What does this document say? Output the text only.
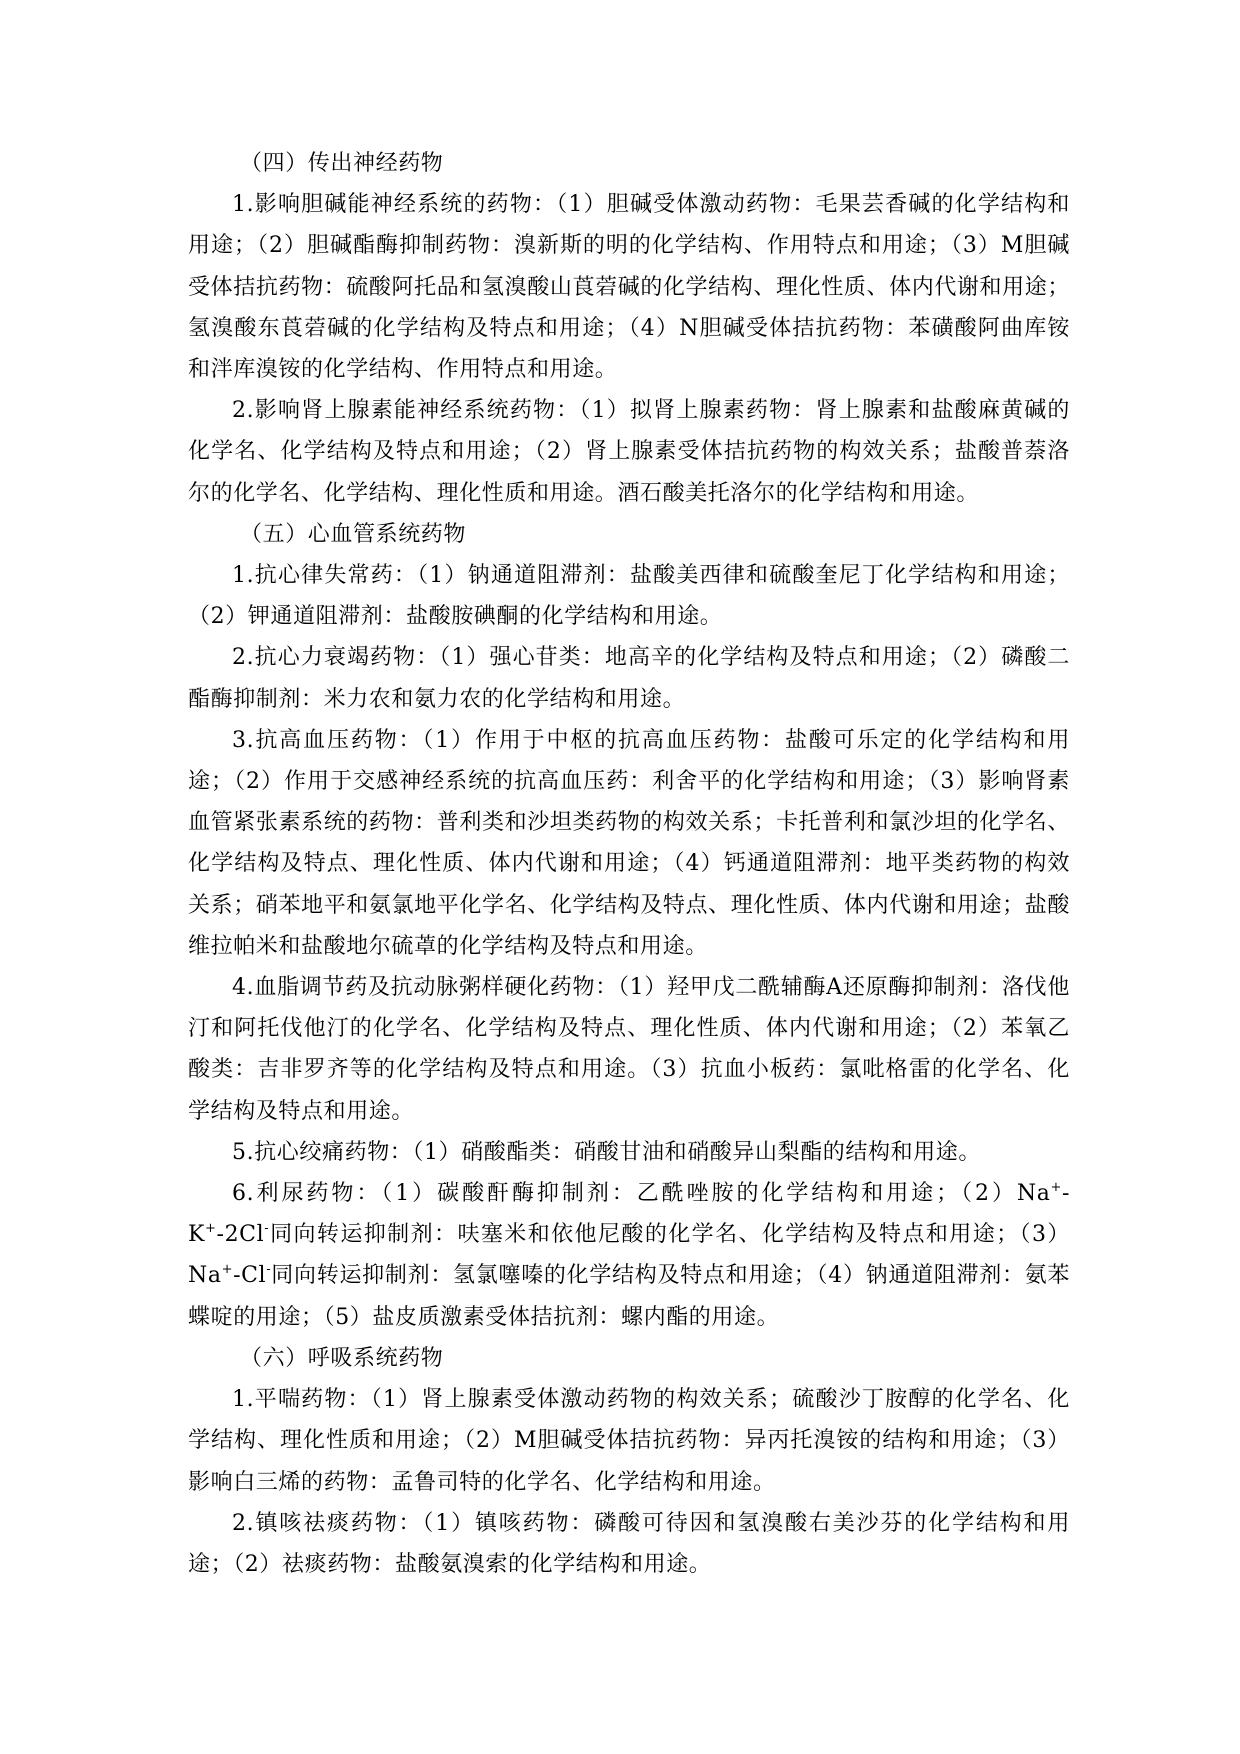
（四）传出神经药物

1.影响胆碱能神经系统的药物：（1）胆碱受体激动药物：毛果芸香碱的化学结构和用途；（2）胆碱酯酶抑制药物：溴新斯的明的化学结构、作用特点和用途；（3）M胆碱受体拮抗药物：硫酸阿托品和氢溴酸山莨菪碱的化学结构、理化性质、体内代谢和用途；氢溴酸东莨菪碱的化学结构及特点和用途；（4）N胆碱受体拮抗药物：苯磺酸阿曲库铵和泮库溴铵的化学结构、作用特点和用途。

2.影响肾上腺素能神经系统药物：（1）拟肾上腺素药物：肾上腺素和盐酸麻黄碱的化学名、化学结构及特点和用途；（2）肾上腺素受体拮抗药物的构效关系；盐酸普萘洛尔的化学名、化学结构、理化性质和用途。酒石酸美托洛尔的化学结构和用途。

（五）心血管系统药物

1.抗心律失常药：（1）钠通道阻滞剂：盐酸美西律和硫酸奎尼丁化学结构和用途；（2）钾通道阻滞剂：盐酸胺碘酮的化学结构和用途。

2.抗心力衰竭药物：（1）强心苷类：地高辛的化学结构及特点和用途；（2）磷酸二酯酶抑制剂：米力农和氨力农的化学结构和用途。

3.抗高血压药物：（1）作用于中枢的抗高血压药物：盐酸可乐定的化学结构和用途；（2）作用于交感神经系统的抗高血压药：利舍平的化学结构和用途；（3）影响肾素血管紧张素系统的药物：普利类和沙坦类药物的构效关系；卡托普利和氯沙坦的化学名、化学结构及特点、理化性质、体内代谢和用途；（4）钙通道阻滞剂：地平类药物的构效关系；硝苯地平和氨氯地平化学名、化学结构及特点、理化性质、体内代谢和用途；盐酸维拉帕米和盐酸地尔硫䓬的化学结构及特点和用途。

4.血脂调节药及抗动脉粥样硬化药物：（1）羟甲戊二酰辅酶A还原酶抑制剂：洛伐他汀和阿托伐他汀的化学名、化学结构及特点、理化性质、体内代谢和用途；（2）苯氧乙酸类：吉非罗齐等的化学结构及特点和用途。（3）抗血小板药：氯吡格雷的化学名、化学结构及特点和用途。

5.抗心绞痛药物：（1）硝酸酯类：硝酸甘油和硝酸异山梨酯的结构和用途。

6.利尿药物：（1）碳酸酐酶抑制剂：乙酰唑胺的化学结构和用途；（2）Na+-K+-2Cl-同向转运抑制剂：呋塞米和依他尼酸的化学名、化学结构及特点和用途；（3）Na+-Cl-同向转运抑制剂：氢氯噻嗪的化学结构及特点和用途；（4）钠通道阻滞剂：氨苯蝶啶的用途；（5）盐皮质激素受体拮抗剂：螺内酯的用途。

（六）呼吸系统药物

1.平喘药物：（1）肾上腺素受体激动药物的构效关系；硫酸沙丁胺醇的化学名、化学结构、理化性质和用途；（2）M胆碱受体拮抗药物：异丙托溴铵的结构和用途；（3）影响白三烯的药物：孟鲁司特的化学名、化学结构和用途。

2.镇咳祛痰药物：（1）镇咳药物：磷酸可待因和氢溴酸右美沙芬的化学结构和用途；（2）祛痰药物：盐酸氨溴索的化学结构和用途。
